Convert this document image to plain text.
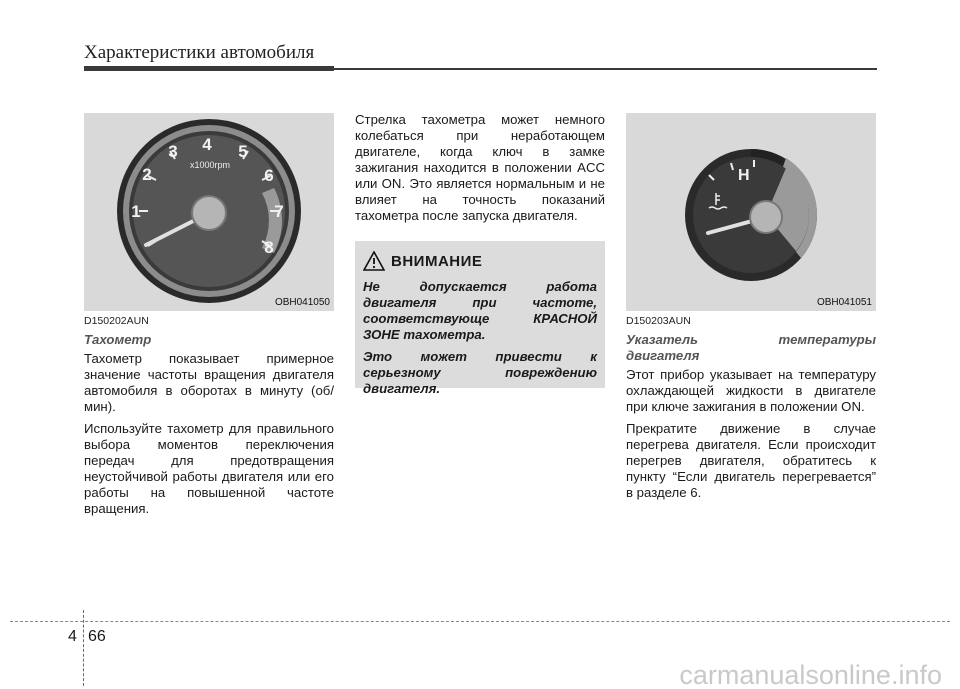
Характеристики автомобиля
1
2
3 4 5
6
7
8
x1000rpm
OBH041050
D150202AUN
Тахометр

Тахометр показывает примерное значение частоты вращения двигателя автомобиля в оборотах в минуту (об/мин).

Используйте тахометр для правильного выбора моментов переключения передач для предотвращения неустойчивой работы двигателя или его работы на повышенной частоте вращения.

Стрелка тахометра может немного колебаться при неработающем двигателе, когда ключ в замке зажигания находится в положении ACC или ON. Это является нормальным и не влияет на точность показаний тахометра после запуска двигателя.

ВНИМАНИЕ
Не допускается работа двигателя при частоте, соответствующе КРАСНОЙ ЗОНЕ тахометра.
Это может привести к серьезному повреждению двигателя.
H
OBH041051
D150203AUN
Указатель температуры двигателя

Этот прибор указывает на температуру охлаждающей жидкости в двигателе при ключе зажигания в положении ON.

Прекратите движение в случае перегрева двигателя. Если происходит перегрев двигателя, обратитесь к пункту “Если двигатель перегревается” в разделе 6.

4 66
carmanualsonline.info
